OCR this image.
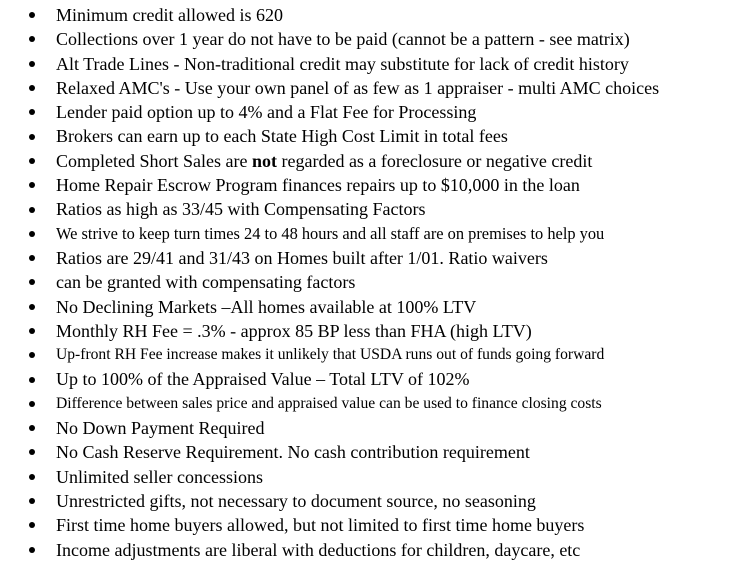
Minimum credit allowed is 620
Collections over 1 year do not have to be paid (cannot be a pattern - see matrix)
Alt Trade Lines - Non-traditional credit may substitute for lack of credit history
Relaxed AMC's - Use your own panel of as few as 1 appraiser - multi AMC choices
Lender paid option up to 4% and a Flat Fee for Processing
Brokers can earn up to each State High Cost Limit in total fees
Completed Short Sales are not regarded as a foreclosure or negative credit
Home Repair Escrow Program finances repairs up to $10,000 in the loan
Ratios as high as 33/45 with Compensating Factors
We strive to keep turn times 24 to 48 hours and all staff are on premises to help you
Ratios are 29/41 and 31/43 on Homes built after 1/01. Ratio waivers
can be granted with compensating factors
No Declining Markets –All homes available at 100% LTV
Monthly RH Fee = .3% - approx 85 BP less than FHA (high LTV)
Up-front RH Fee increase makes it unlikely that USDA runs out of funds going forward
Up to 100% of the Appraised Value – Total LTV of 102%
Difference between sales price and appraised value can be used to finance closing costs
No Down Payment Required
No Cash Reserve Requirement. No cash contribution requirement
Unlimited seller concessions
Unrestricted gifts, not necessary to document source, no seasoning
First time home buyers allowed, but not limited to first time home buyers
Income adjustments are liberal with deductions for children, daycare, etc
